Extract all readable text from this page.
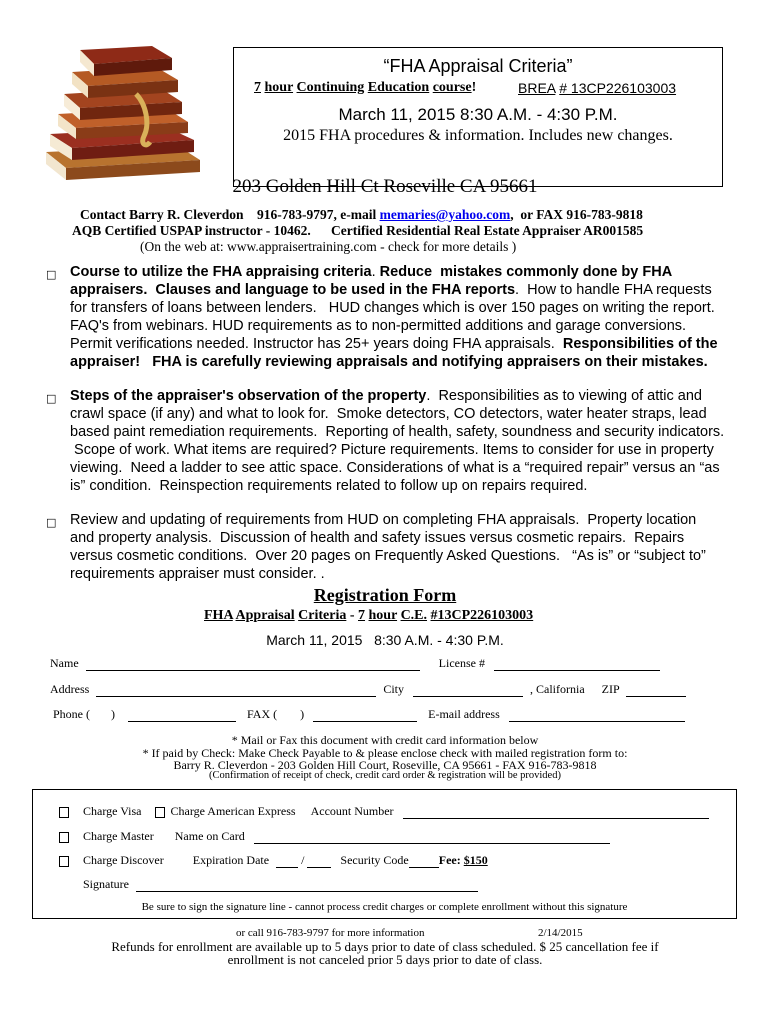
“FHA Appraisal Criteria”
7 hour Continuing Education course!	BREA # 13CP226103003
March 11, 2015 8:30 A.M. - 4:30 P.M.
2015 FHA procedures & information. Includes new changes.
203 Golden Hill Ct Roseville CA 95661
Contact Barry R. Cleverdon    916-783-9797, e-mail memaries@yahoo.com,  or FAX 916-783-9818
AQB Certified USPAP instructor - 10462.      Certified Residential Real Estate Appraiser AR001585
(On the web at: www.appraisertraining.com - check for more details )
□ Course to utilize the FHA appraising criteria. Reduce  mistakes commonly done by FHA
appraisers.  Clauses and language to be used in the FHA reports.  How to handle FHA requests
for transfers of loans between lenders.   HUD changes which is over 150 pages on writing the report.
FAQ's from webinars. HUD requirements as to non-permitted additions and garage conversions.
Permit verifications needed. Instructor has 25+ years doing FHA appraisals.  Responsibilities of the
appraiser!   FHA is carefully reviewing appraisals and notifying appraisers on their mistakes.
□ Steps of the appraiser's observation of the property.  Responsibilities as to viewing of attic and
crawl space (if any) and what to look for.  Smoke detectors, CO detectors, water heater straps, lead
based paint remediation requirements.  Reporting of health, safety, soundness and security indicators.
Scope of work. What items are required? Picture requirements. Items to consider for use in property
viewing.  Need a ladder to see attic space. Considerations of what is a “required repair” versus an “as
is” condition.  Reinspection requirements related to follow up on repairs required.
□ Review and updating of requirements from HUD on completing FHA appraisals.  Property location
and property analysis.  Discussion of health and safety issues versus cosmetic repairs.  Repairs
versus cosmetic conditions.  Over 20 pages on Frequently Asked Questions.   “As is” or “subject to”
requirements appraiser must consider. .
Registration Form
FHA Appraisal Criteria - 7 hour C.E. #13CP226103003
March 11, 2015   8:30 A.M. - 4:30 P.M.
Name	License #
Address	City	, California ZIP
Phone ( )	FAX ( )	E-mail address
* Mail or Fax this document with credit card information below
* If paid by Check: Make Check Payable to & please enclose check with mailed registration form to:
Barry R. Cleverdon - 203 Golden Hill Court, Roseville, CA 95661 - FAX 916-783-9818
(Confirmation of receipt of check, credit card order & registration will be provided)
Charge Visa Charge American Express Account Number
Charge Master Name on Card
Charge Discover Expiration Date	/	Security Code	Fee: $150
Signature
Be sure to sign the signature line - cannot process credit charges or complete enrollment without this signature
or call 916-783-9797 for more information	2/14/2015
Refunds for enrollment are available up to 5 days prior to date of class scheduled. $ 25 cancellation fee if
enrollment is not canceled prior 5 days prior to date of class.
